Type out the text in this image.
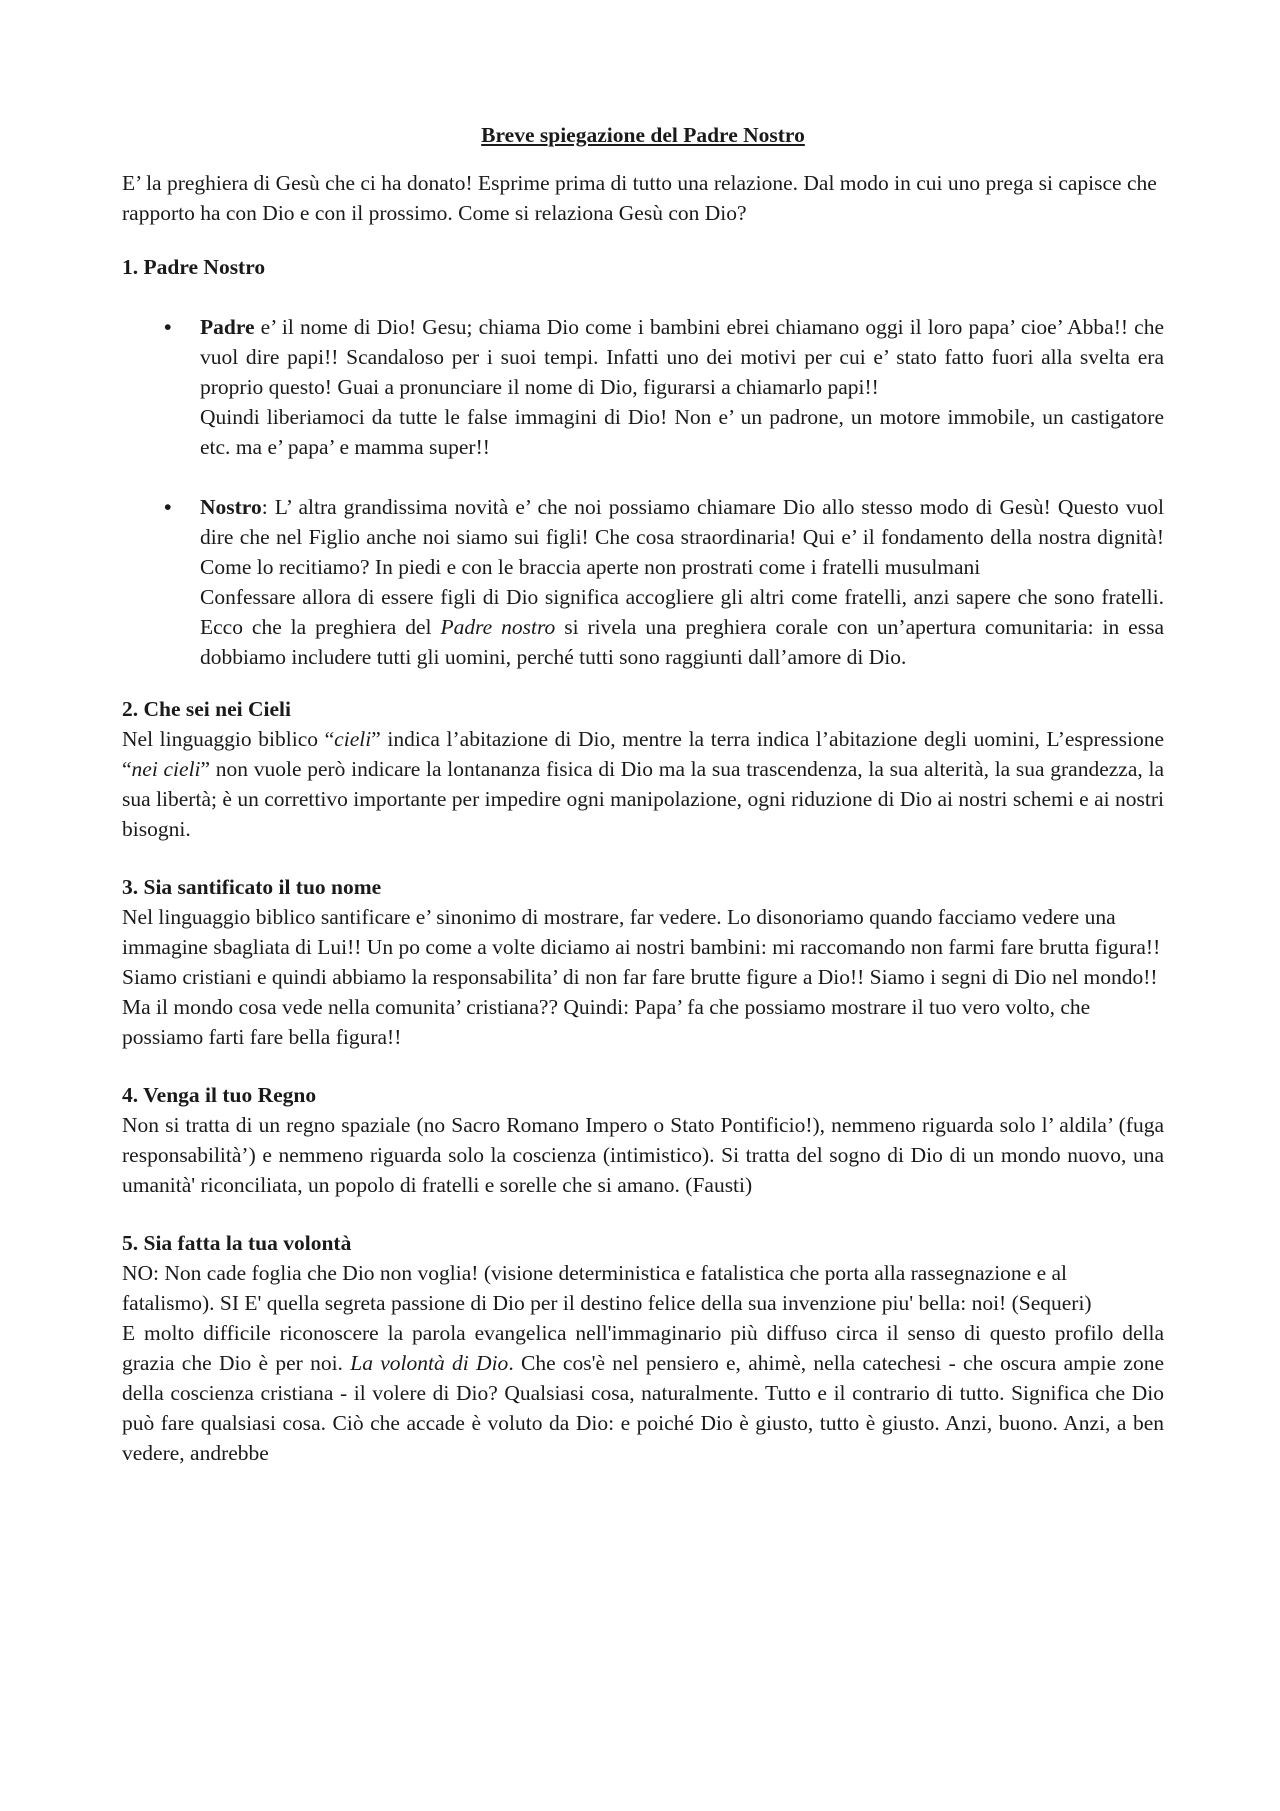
Breve spiegazione del Padre Nostro

E’ la preghiera di Gesù che ci ha donato! Esprime prima di tutto una relazione. Dal modo in cui uno prega si capisce che rapporto ha con Dio e con il prossimo. Come si relaziona Gesù con Dio?

1. Padre Nostro

• Padre e’ il nome di Dio! Gesu; chiama Dio come i bambini ebrei chiamano oggi il loro papa’ cioe’ Abba!! che vuol dire papi!! Scandaloso per i suoi tempi. Infatti uno dei motivi per cui e’ stato fatto fuori alla svelta era proprio questo! Guai a pronunciare il nome di Dio, figurarsi a chiamarlo papi!!

Quindi liberiamoci da tutte le false immagini di Dio! Non e’ un padrone, un motore immobile, un castigatore etc. ma e’ papa’ e mamma super!!

• Nostro: L’ altra grandissima novità e’ che noi possiamo chiamare Dio allo stesso modo di Gesù! Questo vuol dire che nel Figlio anche noi siamo sui figli! Che cosa straordinaria! Qui e’ il fondamento della nostra dignità! Come lo recitiamo? In piedi e con le braccia aperte non prostrati come i fratelli musulmani

Confessare allora di essere figli di Dio significa accogliere gli altri come fratelli, anzi sapere che sono fratelli. Ecco che la preghiera del Padre nostro si rivela una preghiera corale con un’apertura comunitaria: in essa dobbiamo includere tutti gli uomini, perché tutti sono raggiunti dall’amore di Dio.

2. Che sei nei Cieli

Nel linguaggio biblico “cieli” indica l’abitazione di Dio, mentre la terra indica l’abitazione degli uomini, L’espressione “nei cieli” non vuole però indicare la lontananza fisica di Dio ma la sua trascendenza, la sua alterità, la sua grandezza, la sua libertà; è un correttivo importante per impedire ogni manipolazione, ogni riduzione di Dio ai nostri schemi e ai nostri bisogni.

3. Sia santificato il tuo nome

Nel linguaggio biblico santificare e’ sinonimo di mostrare, far vedere. Lo disonoriamo quando facciamo vedere una immagine sbagliata di Lui!! Un po come a volte diciamo ai nostri bambini: mi raccomando non farmi fare brutta figura!! Siamo cristiani e quindi abbiamo la responsabilita’ di non far fare brutte figure a Dio!! Siamo i segni di Dio nel mondo!! Ma il mondo cosa vede nella comunita’ cristiana?? Quindi: Papa’ fa che possiamo mostrare il tuo vero volto, che possiamo farti fare bella figura!!

4. Venga il tuo Regno

Non si tratta di un regno spaziale (no Sacro Romano Impero o Stato Pontificio!), nemmeno riguarda solo l’ aldila’ (fuga responsabilità’) e nemmeno riguarda solo la coscienza (intimistico). Si tratta del sogno di Dio di un mondo nuovo, una umanità' riconciliata, un popolo di fratelli e sorelle che si amano. (Fausti)

5. Sia fatta la tua volontà

NO: Non cade foglia che Dio non voglia! (visione deterministica e fatalistica che porta alla rassegnazione e al fatalismo). SI E' quella segreta passione di Dio per il destino felice della sua invenzione piu' bella: noi! (Sequeri)

E molto difficile riconoscere la parola evangelica nell'immaginario più diffuso circa il senso di questo profilo della grazia che Dio è per noi. La volontà di Dio. Che cos'è nel pensiero e, ahimè, nella catechesi - che oscura ampie zone della coscienza cristiana - il volere di Dio? Qualsiasi cosa, naturalmente. Tutto e il contrario di tutto. Significa che Dio può fare qualsiasi cosa. Ciò che accade è voluto da Dio: e poiché Dio è giusto, tutto è giusto. Anzi, buono. Anzi, a ben vedere, andrebbe
